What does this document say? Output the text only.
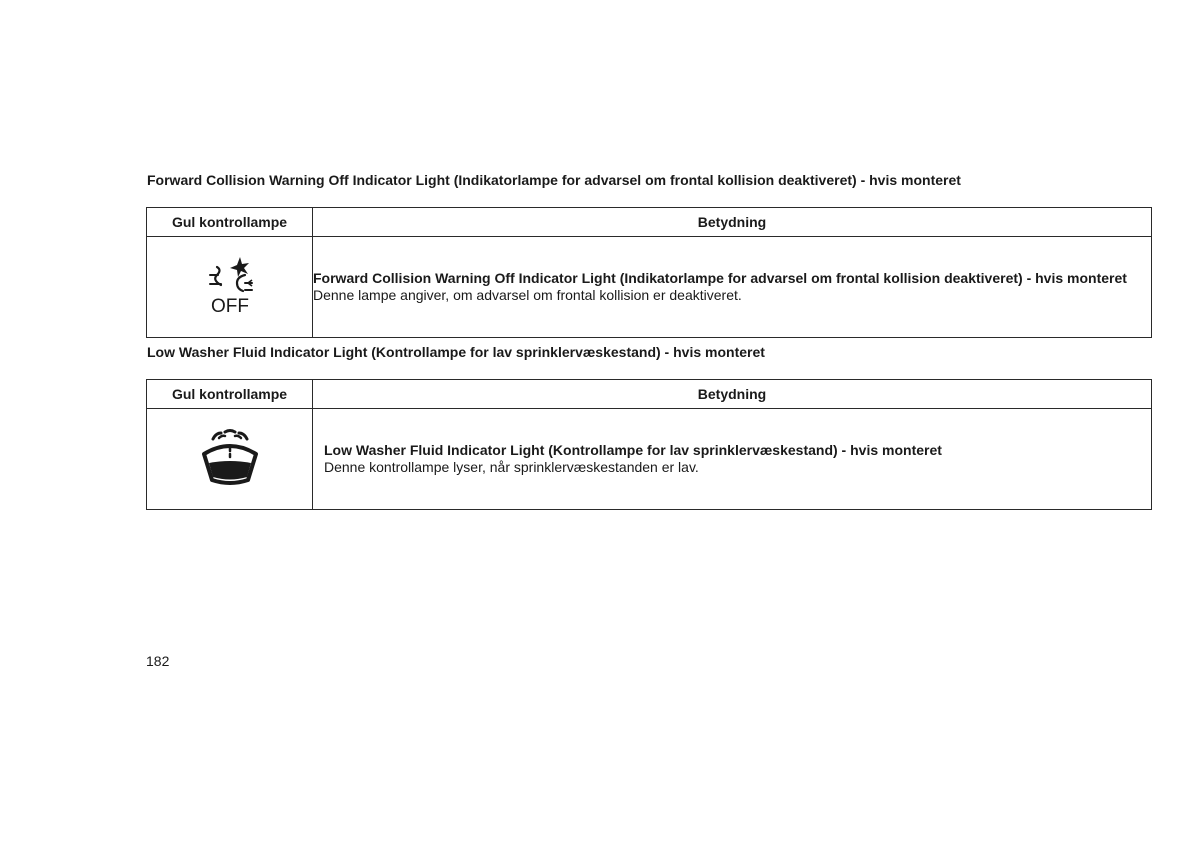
Forward Collision Warning Off Indicator Light (Indikatorlampe for advarsel om frontal kollision deaktiveret) - hvis monteret
Gul kontrollampe	Betydning

OFF	Forward Collision Warning Off Indicator Light (Indikatorlampe for advarsel om frontal kollision deaktiveret) - hvis monteret
Denne lampe angiver, om advarsel om frontal kollision er deaktiveret.
Low Washer Fluid Indicator Light (Kontrollampe for lav sprinklervæskestand) - hvis monteret
Gul kontrollampe	Betydning

Low Washer Fluid Indicator Light (Kontrollampe for lav sprinklervæskestand) - hvis monteret
Denne kontrollampe lyser, når sprinklervæskestanden er lav.
182
